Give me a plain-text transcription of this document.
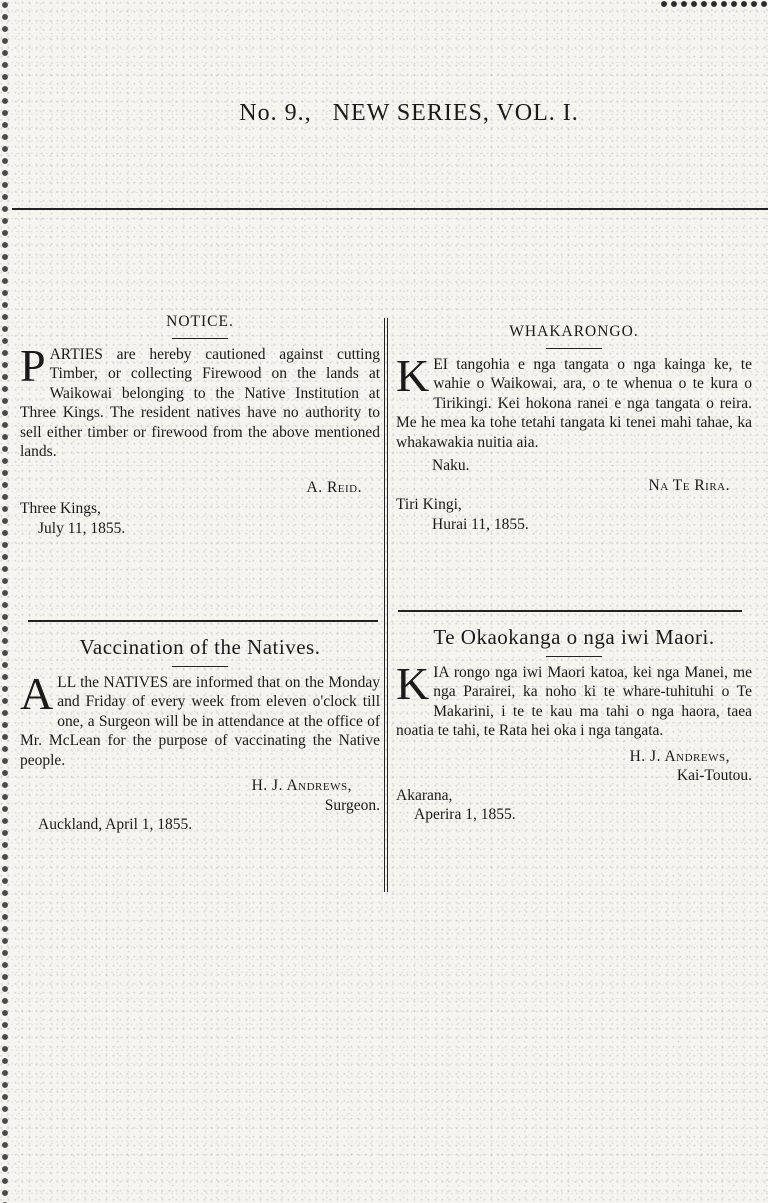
No. 9., NEW SERIES, VOL. I.
NOTICE.
PARTIES are hereby cautioned against cutting Timber, or collecting Firewood on the lands at Waikowai belonging to the Native Institution at Three Kings. The resident natives have no authority to sell either timber or firewood from the above mentioned lands.
A. Reid.
Three Kings,
July 11, 1855.
WHAKARONGO.
KEI tangohia e nga tangata o nga kainga ke, te wahie o Waikowai, ara, o te whenua o te kura o Tirikingi. Kei hokona ranei e nga tangata o reira. Me he mea ka tohe tetahi tangata ki tenei mahi tahae, ka whakawakia nuitia aia.
Naku.
Na Te Rira.
Tiri Kingi,
Hurai 11, 1855.
Vaccination of the Natives.
ALL the NATIVES are informed that on the Monday and Friday of every week from eleven o'clock till one, a Surgeon will be in attendance at the office of Mr. McLean for the purpose of vaccinating the Native people.
H. J. Andrews,
Surgeon.
Auckland, April 1, 1855.
Te Okaokanga o nga iwi Maori.
KIA rongo nga iwi Maori katoa, kei nga Manei, me nga Parairei, ka noho ki te whare-tuhituhi o Te Makarini, i te te kau ma tahi o nga haora, taea noatia te tahi, te Rata hei oka i nga tangata.
H. J. Andrews,
Kai-Toutou.
Akarana,
Aperira 1, 1855.
